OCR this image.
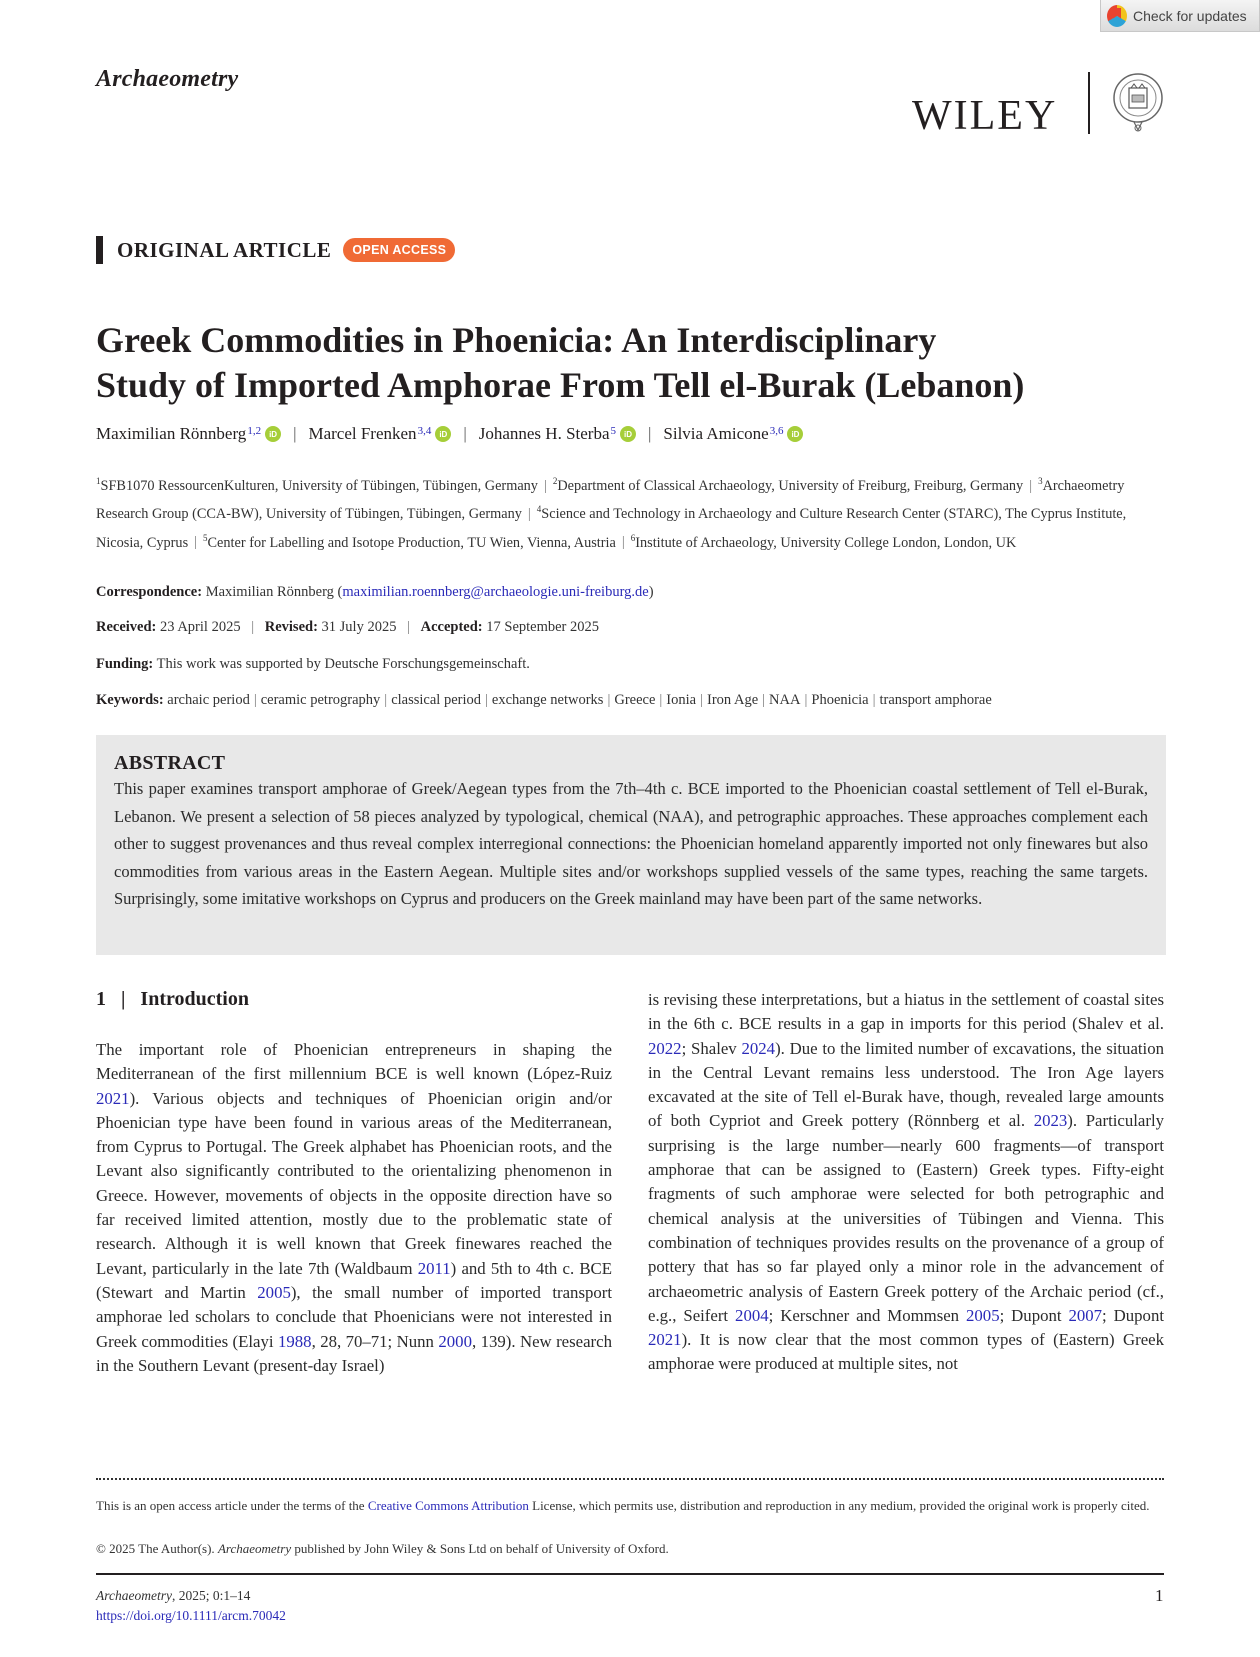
Check for updates
Archaeometry
WILEY
ORIGINAL ARTICLE	OPEN ACCESS
Greek Commodities in Phoenicia: An Interdisciplinary
Study of Imported Amphorae From Tell el-Burak (Lebanon)
Maximilian Rönnberg$^{1,2}$	iD | Marcel Frenken$^{3,4}$	iD | Johannes H. Sterba$^5$	iD | Silvia Amicone$^{3,6}$	iD
$^1$SFB1070 RessourcenKulturen, University of Tübingen, Tübingen, Germany | $^2$Department of Classical Archaeology, University of Freiburg, Freiburg, Germany | $^3$Archaeometry Research Group (CCA-BW), University of Tübingen, Tübingen, Germany | $^4$Science and Technology in Archaeology and Culture Research Center (STARC), The Cyprus Institute, Nicosia, Cyprus | $^5$Center for Labelling and Isotope Production, TU Wien, Vienna, Austria | $^6$Institute of Archaeology, University College London, London, UK
Correspondence: Maximilian Rönnberg (maximilian.roennberg@archaeologie.uni-freiburg.de)
Received: 23 April 2025 | Revised: 31 July 2025 | Accepted: 17 September 2025
Funding: This work was supported by Deutsche Forschungsgemeinschaft.
Keywords: archaic period | ceramic petrography | classical period | exchange networks | Greece | Ionia | Iron Age | NAA | Phoenicia | transport amphorae
ABSTRACT

This paper examines transport amphorae of Greek/Aegean types from the 7th–4th c. BCE imported to the Phoenician coastal settlement of Tell el-Burak, Lebanon. We present a selection of 58 pieces analyzed by typological, chemical (NAA), and petrographic approaches. These approaches complement each other to suggest provenances and thus reveal complex interregional connections: the Phoenician homeland apparently imported not only finewares but also commodities from various areas in the Eastern Aegean. Multiple sites and/or workshops supplied vessels of the same types, reaching the same targets. Surprisingly, some imitative workshops on Cyprus and producers on the Greek mainland may have been part of the same networks.

1   |   Introduction

The important role of Phoenician entrepreneurs in shaping the Mediterranean of the first millennium BCE is well known (López-Ruiz 2021). Various objects and techniques of Phoenician origin and/or Phoenician type have been found in various areas of the Mediterranean, from Cyprus to Portugal. The Greek alphabet has Phoenician roots, and the Levant also significantly contributed to the orientalizing phenomenon in Greece. However, movements of objects in the opposite direction have so far received limited attention, mostly due to the problematic state of research. Although it is well known that Greek finewares reached the Levant, particularly in the late 7th (Waldbaum 2011) and 5th to 4th c. BCE (Stewart and Martin 2005), the small number of imported transport amphorae led scholars to conclude that Phoenicians were not interested in Greek commodities (Elayi 1988, 28, 70–71; Nunn 2000, 139). New research in the Southern Levant (present-day Israel)

is revising these interpretations, but a hiatus in the settlement of coastal sites in the 6th c. BCE results in a gap in imports for this period (Shalev et al. 2022; Shalev 2024). Due to the limited number of excavations, the situation in the Central Levant remains less understood. The Iron Age layers excavated at the site of Tell el-Burak have, though, revealed large amounts of both Cypriot and Greek pottery (Rönnberg et al. 2023). Particularly surprising is the large number—nearly 600 fragments—of transport amphorae that can be assigned to (Eastern) Greek types. Fifty-eight fragments of such amphorae were selected for both petrographic and chemical analysis at the universities of Tübingen and Vienna. This combination of techniques provides results on the provenance of a group of pottery that has so far played only a minor role in the advancement of archaeometric analysis of Eastern Greek pottery of the Archaic period (cf., e.g., Seifert 2004; Kerschner and Mommsen 2005; Dupont 2007; Dupont 2021). It is now clear that the most common types of (Eastern) Greek amphorae were produced at multiple sites, not

This is an open access article under the terms of the Creative Commons Attribution License, which permits use, distribution and reproduction in any medium, provided the original work is properly cited.
© 2025 The Author(s). Archaeometry published by John Wiley & Sons Ltd on behalf of University of Oxford.
Archaeometry, 2025; 0:1–14
https://doi.org/10.1111/arcm.70042
1
